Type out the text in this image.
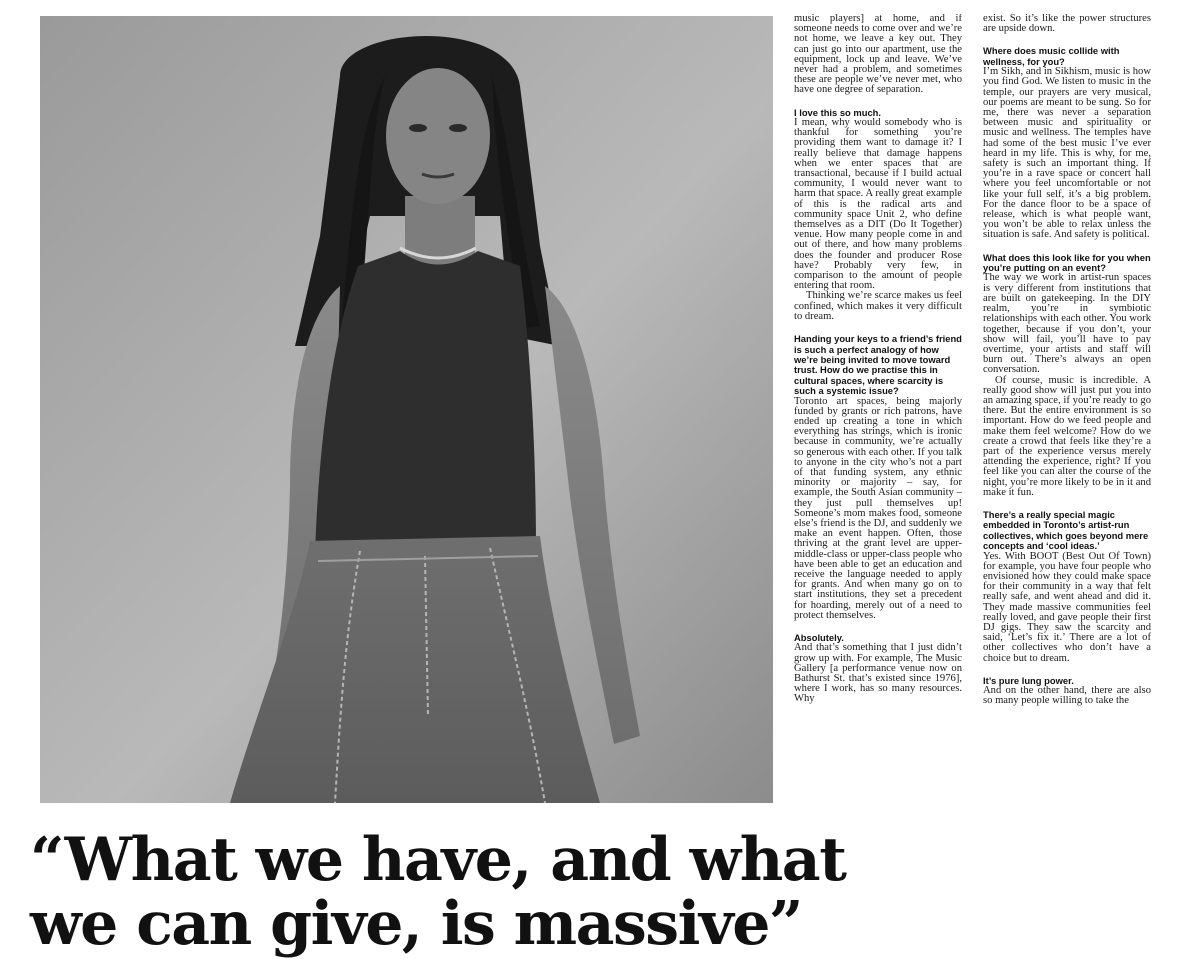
“What we have, and what
we can give, is massive”

music players] at home, and if someone needs to come over and we’re not home, we leave a key out. They can just go into our apartment, use the equipment, lock up and leave. We’ve never had a problem, and sometimes these are people we’ve never met, who have one degree of separation.

I love this so much.

I mean, why would somebody who is thankful for something you’re providing them want to damage it? I really believe that damage happens when we enter spaces that are transactional, because if I build actual community, I would never want to harm that space. A really great example of this is the radical arts and community space Unit 2, who define themselves as a DIT (Do It Together) venue. How many people come in and out of there, and how many problems does the founder and producer Rose have? Probably very few, in comparison to the amount of people entering that room.

Thinking we’re scarce makes us feel confined, which makes it very difficult to dream.

Handing your keys to a friend’s friend is such a perfect analogy of how we’re being invited to move toward trust. How do we practise this in cultural spaces, where scarcity is such a systemic issue?

Toronto art spaces, being majorly funded by grants or rich patrons, have ended up creating a tone in which everything has strings, which is ironic because in community, we’re actually so generous with each other. If you talk to anyone in the city who’s not a part of that funding system, any ethnic minority or majority – say, for example, the South Asian community – they just pull themselves up! Someone’s mom makes food, someone else’s friend is the DJ, and suddenly we make an event happen. Often, those thriving at the grant level are upper-middle-class or upper-class people who have been able to get an education and receive the language needed to apply for grants. And when many go on to start institutions, they set a precedent for hoarding, merely out of a need to protect themselves.

Absolutely.

And that’s something that I just didn’t grow up with. For example, The Music Gallery [a performance venue now on Bathurst St. that’s existed since 1976], where I work, has so many resources. Why

exist. So it’s like the power structures are upside down.

Where does music collide with wellness, for you?

I’m Sikh, and in Sikhism, music is how you find God. We listen to music in the temple, our prayers are very musical, our poems are meant to be sung. So for me, there was never a separation between music and spirituality or music and wellness. The temples have had some of the best music I’ve ever heard in my life. This is why, for me, safety is such an important thing. If you’re in a rave space or concert hall where you feel uncomfortable or not like your full self, it’s a big problem. For the dance floor to be a space of release, which is what people want, you won’t be able to relax unless the situation is safe. And safety is political.

What does this look like for you when you’re putting on an event?

The way we work in artist-run spaces is very different from institutions that are built on gatekeeping. In the DIY realm, you’re in symbiotic relationships with each other. You work together, because if you don’t, your show will fail, you’ll have to pay overtime, your artists and staff will burn out. There’s always an open conversation.

Of course, music is incredible. A really good show will just put you into an amazing space, if you’re ready to go there. But the entire environment is so important. How do we feed people and make them feel welcome? How do we create a crowd that feels like they’re a part of the experience versus merely attending the experience, right? If you feel like you can alter the course of the night, you’re more likely to be in it and make it fun.

There’s a really special magic embedded in Toronto’s artist-run collectives, which goes beyond mere concepts and ‘cool ideas.’

Yes. With BOOT (Best Out Of Town) for example, you have four people who envisioned how they could make space for their community in a way that felt really safe, and went ahead and did it. They made massive communities feel really loved, and gave people their first DJ gigs. They saw the scarcity and said, ‘Let’s fix it.’ There are a lot of other collectives who don’t have a choice but to dream.

It’s pure lung power.

And on the other hand, there are also so many people willing to take the
